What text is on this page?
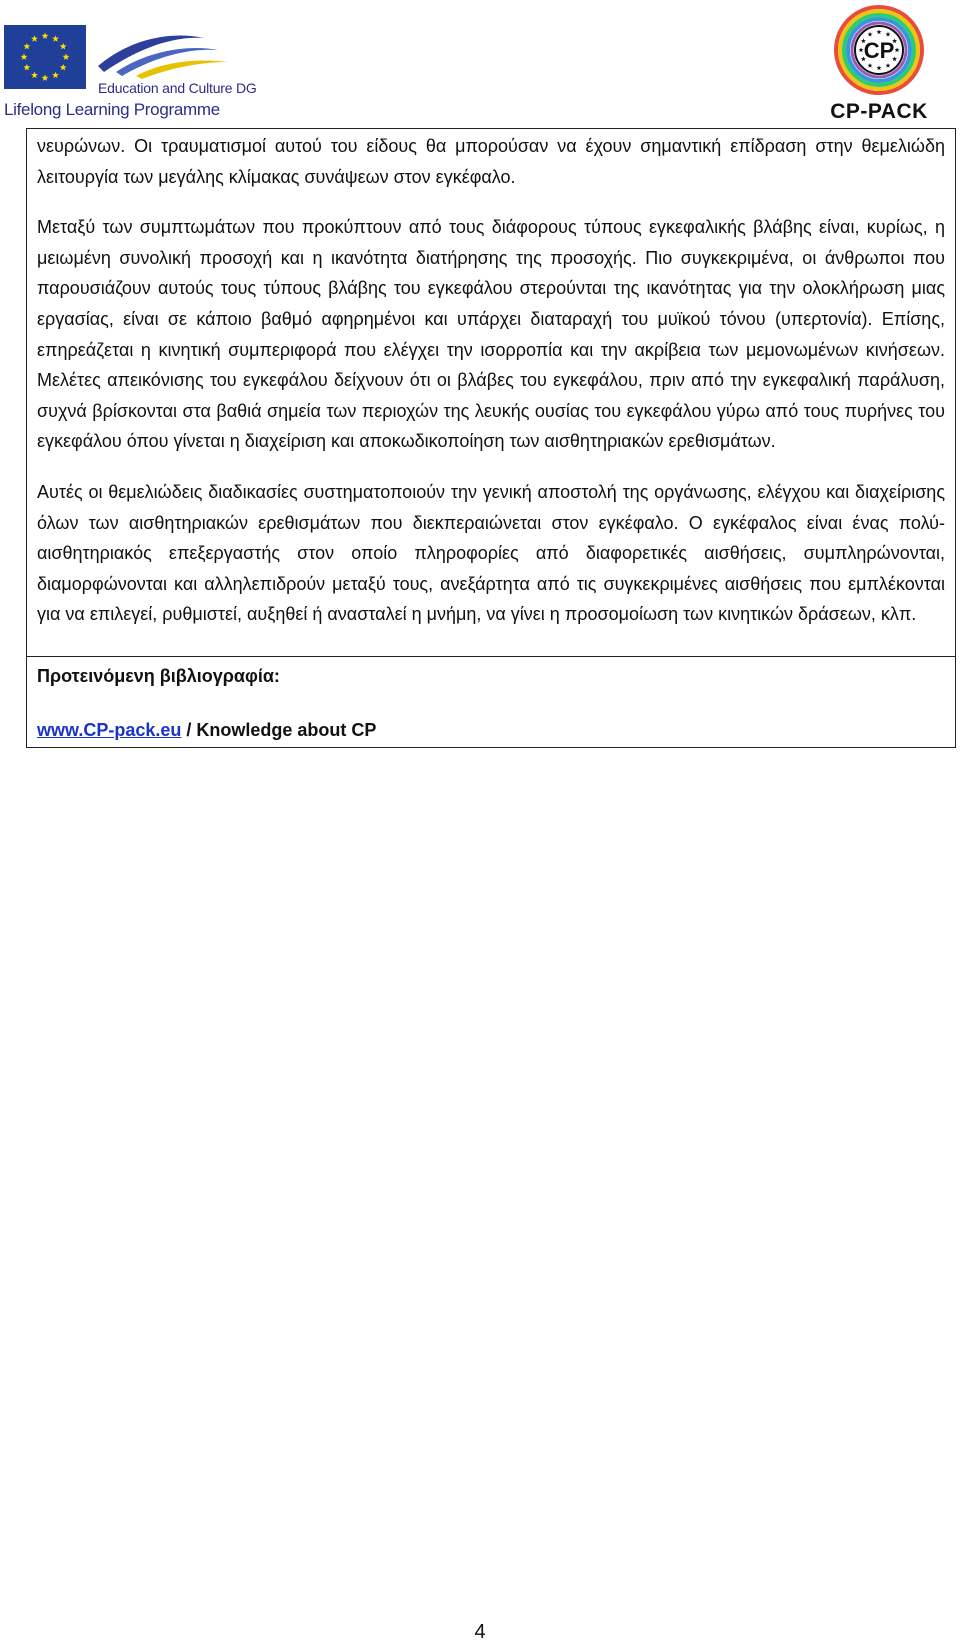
Education and Culture DG
Lifelong Learning Programme
CP
CP-PACK

νευρώνων. Οι τραυματισμοί αυτού του είδους θα μπορούσαν να έχουν σημαντική επίδραση στην θεμελιώδη λειτουργία των μεγάλης κλίμακας συνάψεων στον εγκέφαλο.

Μεταξύ των συμπτωμάτων που προκύπτουν από τους διάφορους τύπους εγκεφαλικής βλάβης είναι, κυρίως, η μειωμένη συνολική προσοχή και η ικανότητα διατήρησης της προσοχής. Πιο συγκεκριμένα, οι άνθρωποι που παρουσιάζουν αυτούς τους τύπους βλάβης του εγκεφάλου στερούνται της ικανότητας για την ολοκλήρωση μιας εργασίας, είναι σε κάποιο βαθμό αφηρημένοι και υπάρχει διαταραχή του μυϊκού τόνου (υπερτονία). Επίσης, επηρεάζεται η κινητική συμπεριφορά που ελέγχει την ισορροπία και την ακρίβεια των μεμονωμένων κινήσεων. Μελέτες απεικόνισης του εγκεφάλου δείχνουν ότι οι βλάβες του εγκεφάλου, πριν από την εγκεφαλική παράλυση, συχνά βρίσκονται στα βαθιά σημεία των περιοχών της λευκής ουσίας του εγκεφάλου γύρω από τους πυρήνες του εγκεφάλου όπου γίνεται η διαχείριση και αποκωδικοποίηση των αισθητηριακών ερεθισμάτων.

Αυτές οι θεμελιώδεις διαδικασίες συστηματοποιούν την γενική αποστολή της οργάνωσης, ελέγχου και διαχείρισης όλων των αισθητηριακών ερεθισμάτων που διεκπεραιώνεται στον εγκέφαλο. Ο εγκέφαλος είναι ένας πολύ-αισθητηριακός επεξεργαστής στον οποίο πληροφορίες από διαφορετικές αισθήσεις, συμπληρώνονται, διαμορφώνονται και αλληλεπιδρούν μεταξύ τους, ανεξάρτητα από τις συγκεκριμένες αισθήσεις που εμπλέκονται για να επιλεγεί, ρυθμιστεί, αυξηθεί ή ανασταλεί η μνήμη, να γίνει η προσομοίωση των κινητικών δράσεων, κλπ.

Προτεινόμενη βιβλιογραφία:
www.CP-pack.eu / Knowledge about CP
4
